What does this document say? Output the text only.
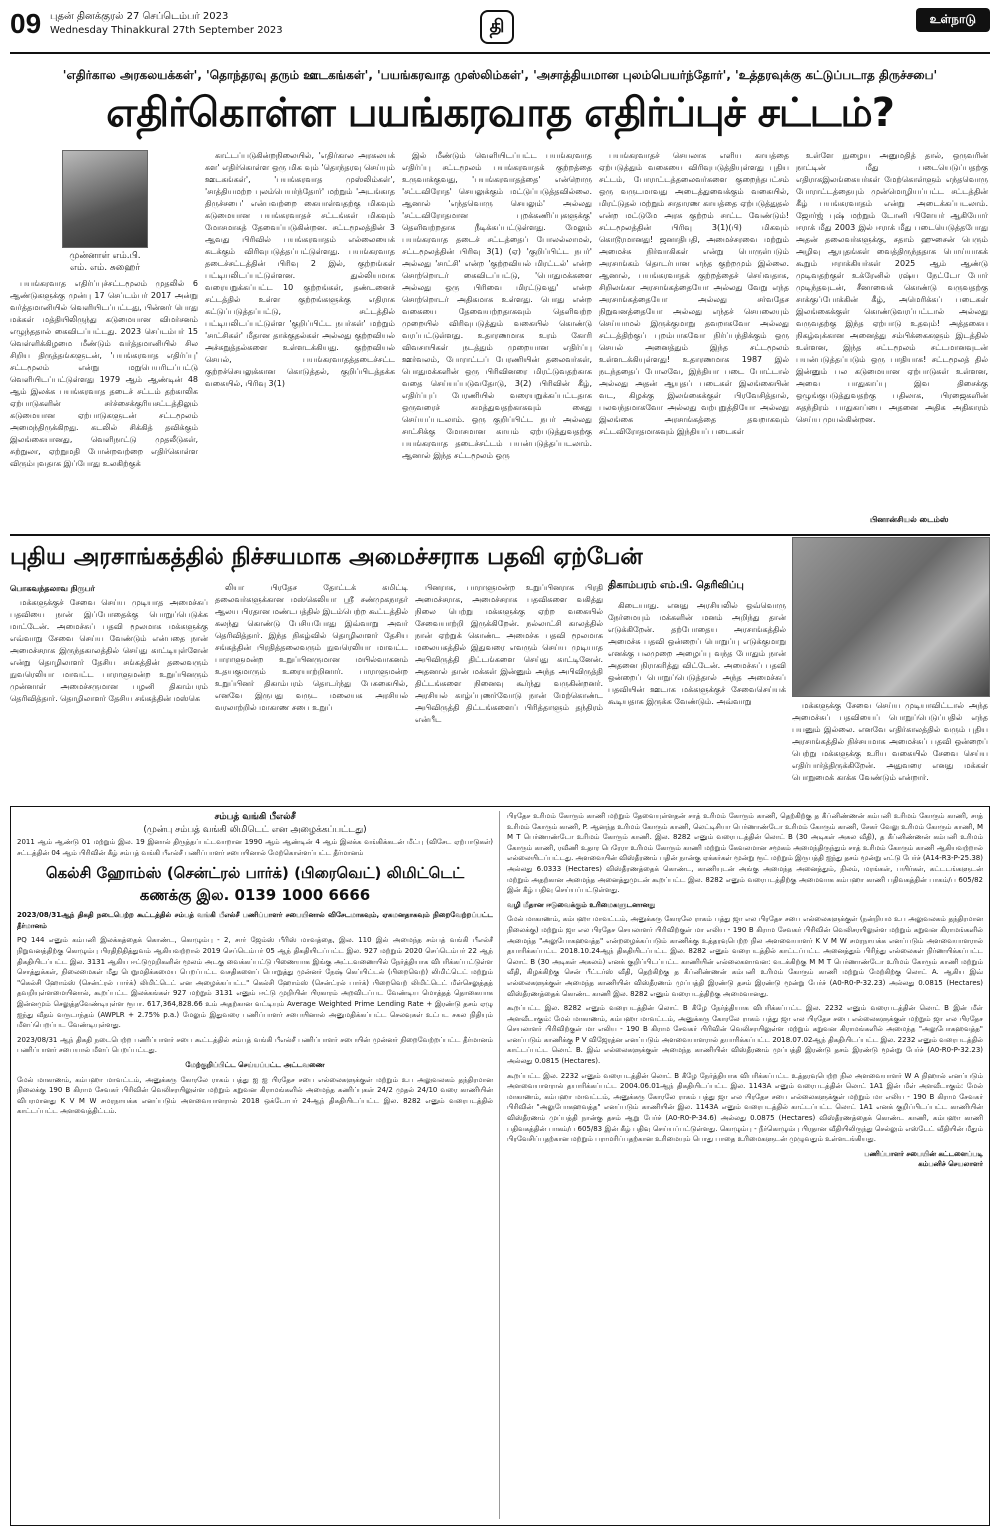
09 புதன் தினக்குரல் 27 செப்டெம்பர் 2023
Wednesday Thinakkural 27th September 2023	தி	உள்நாடு
'எதிர்கால அரகலயக்கள்', 'தொந்தரவு தரும் ஊடகங்கள்', 'பயங்கரவாத முஸ்லிம்கள்', 'அசாத்தியமான புலம்பெயர்ந்தோர்', 'உத்தரவுக்கு கட்டுப்படாத திருச்சபை'
எதிர்கொள்ள பயங்கரவாத எதிர்ப்புச் சட்டம்?
முன்னாள் எம்.பி.
எம். எம். சுஹைர்

பயங்கரவாத எதிர்ப்புச்சட்டமூலம் முதலில் 6 ஆண்டுகளுக்கு முன்பு 17 செப்டம்பர் 2017 அன்று வர்த்தமானியில் வெளியிடப்பட்டது, பின்னர் பொது மக்கள் மத்தியிலிருந்து கடுமையான விமர்சனம் எழுந்ததால் கைவிடப்பட்டது. 2023 செப்டம்பர் 15 வெள்ளிக்கிழமை மீண்டும் வர்த்தமானியில் சில சிறிய திருத்தங்களுடன், 'பயங்கரவாத எதிர்ப்பு' சட்டமூலம் என்று மறுபெயரிடப்பட்டு வெளியிடப்பட்டுள்ளது 1979 ஆம் ஆண்டின் 48 ஆம் இலக்க பயங்கரவாத தடைச் சட்டம் தற்காலிக ஏற்பாடுகளின் சர்ச்சைக்குரியசட்டத்திலும் கடுமையான ஏற்பாடுகளுடன் சட்டமூலம் அமைந்திருக்கிறது. கடலில் சிக்கித் தவிக்கும் இலங்கையானது, வெளிநாட்டு முதலீடுகள், சுற்றுலா, ஏற்றுமதி போன்றவற்றை எதிர்கொள்ள விரும்புவதாக இப்போது உலகிற்குக்

காட்டப்படுகின்றநிலையில், 'எதிர்கால அரகலயக் கள' எதிர்கொள்ள ஒரு மிக வும் 'தொந்தரவு செய்யும் ஊடகங்கள்', 'பயங்கரவாத முஸ்லிம்கள்', 'சாத்தியமற்ற புலம்பெயர்ந்தோர்' மற்றும் 'அடங்காத திருச்சபை' என்பவற்றை கையாள்வதற்கு மிகவும் கடுமையான பயங்கரவாதச் சட்டங்கள் மிகவும் மோசமாகத் தேவைப்படுகின்றன. சட்டமூலத்தின் 3 ஆவது பிரிவில் பயங்கரவாதம் எல்லையைக் கடக்கும் விரிவுபடுத்தப்பட்டுள்ளது. பயங்கரவாத தடைச்சட்டத்தின் பிரிவு 2 இல், குற்றங்கள் பட்டியலிடப்பட்டுள்ளன. துல்லியமாக வரையறுக்கப்பட்ட 10 குற்றங்கள், தண்டனைச் சட்டத்தில் உள்ள குற்றங்களுக்கு எதிராக கட்டுப்படுத்தப்பட்டு, சட்டத்தில் பட்டியலிடப்பட்டுள்ள 'குறிப்பிட்ட நபர்கள்' மற்றும் 'சாட்சிகள்' மீதான தாக்குதல்கள் அல்லது குற்றவியல் அச்சுறுத்தல்களை உள்ளடக்கியது. குற்றவியல் செயல், பயங்கரவாதத்தடைச்சட்ட குற்றச்செயலுக்கான கொடுத்தல், குறிப்பிடத்தக்க வகையில், பிரிவு 3(1)

இல் மீண்டும் வெளியிடப்பட்ட பயங்கரவாத எதிர்ப்பு சட்டமூலம் பயங்கரவாதக் குற்றத்தை உருவாக்குவது, 'பயங்கரவாதத்தை' என்றொரு 'சட்டவிரோத' செயலுக்கும் மட்டுப்படுத்தவில்லை. ஆனால் 'எந்தவொரு செயலும்' அல்லது 'சட்டவிரோதமான புறக்கணிப்புகளுக்கு' தெளிவற்றதாக நீடிக்கப்பட்டுள்ளது. மேலும் பயங்கரவாத தடைச் சட்டத்தைப் போலல்லாமல், சட்டமூலத்தின் பிரிவு 3(1) (ஏ) 'குறிப்பிட்ட நபர்' அல்லது 'சாட்சி' என்ற 'குற்றவியல் மிரட்டல்' என்ற சொற்றொடர் கைவிடப்பட்டு, 'பொதுமக்களை அல்லது ஒரு பிரிவை மிரட்டுவது' என்ற சொற்றொடர் அதிகமாக உள்ளது. பொது என்ற வகையை தேவையற்றதாகவும் தெளிவற்ற முறையில் விரிவுபடுத்தும் வகையில் கொண்டு வரப்பட்டுள்ளது. உதாரணமாக உரம் கோரி விவசாயிகள் நடத்தும் முறையான எதிர்ப்பு ஊர்வலம், போராட்டப் பேரணியின் தலைவர்கள், பொதுமக்களின் ஒரு பிரிவினரை மிரட்டுவதற்காக வதை செய்யப்படுவதோடு, 3(2) பிரிவின் கீழ், எதிர்ப்புப் பேரணியில் வரையறுக்கப்பட்டதாக ஒருவரைச் சுமத்துவதற்காகவும் கைது செய்யப்படலாம். ஒரு குறிப்பிட்ட நபர் அல்லது சாட்சிக்கு மோசமான காயம் ஏற்படுத்துவதற்கு பயங்கரவாத தடைச்சட்டம் பயன்படுத்தப்படலாம். ஆனால் இந்த சட்டமூலம் ஒரு

பயங்கரவாதச் செயலாக எளிய காயத்தை ஏற்படுத்தும் வகையை விரிவுபடுத்தியுள்ளது புதிய சட்டம், போராட்டத்தலைவர்களை குறைந்தபட்சம் ஒரு வருடமாவது அடைத்துவைக்கும் வகையில், மிரட்டுதல் மற்றும் சாதாரண காயத்தை ஏற்படுத்துதல் என்ற மட்டுமே அரசு குற்றம் சாட்ட வேண்டும்! சட்டமூலத்தின் பிரிவு 3(1)(பி) மிகவும் கொடூரமானது! ஜனாதிபதி, அமைச்சரவை மற்றும் அமைச்சு நிர்வாகிகள் என்று பொருள்படும் அரசாங்கம் தொடர்பான எந்த குற்றமும் இல்லை. ஆனால், பயங்கரவாதக் குற்றத்தைச் செய்வதாக, சிறிலங்கா அரசாங்கத்தையோ அல்லது வேறு எந்த அரசாங்கத்தையோ அல்லது சர்வதேச நிறுவனத்தையோ அல்லது எந்தச் செயலையும் செய்யாமல் இருக்குமாறு தவறாகவோ அல்லது சட்டத்திற்குப் புறம்பாகவோ நிர்ப்பந்திக்கும் ஒரு செயல் அனைத்தும் இந்த சட்டமூலம் உள்ளடக்கியுள்ளது! உதாரணமாக 1987 இல் நடந்ததைப் போலவே, இந்தியா படை போட்டால் அல்லது அதன் ஆயுதப் படைகள் இலங்கையின் வட, கிழக்கு இலங்கைக்குள் பிரவேசித்தால், பலவந்தமாகவோ அல்லது வற்புறுத்தியோ அல்லது இலங்கை அரசாங்கத்தை தவறாகவும் சட்டவிரோதமாகவும் இந்தியப் படைகள்

உள்ளே நுழைய அனுமதித் தால், ஒருவரின் நாட்டின் மீது படையெடுப்பதற்கு எதிராகஇலங்கையர்கள் மேற்கொள்ளும் எந்தவொரு போராட்டத்தையும் முன்மொழியப்பட்ட சட்டத்தின் கீழ் பயங்கரவாதம் என்று அடைக்கப்படலாம். ஜோர்ஜ் புஷ் மற்றும் டோனி பிளேயர் ஆகியோர் ஈராக் மீது 2003 இல் ஈராக் மீது படையெடுத்தபோது அதன் தலைவர்களுக்கு, சதாம் ஹுசைன் பெரும் அழிவு ஆயுதங்கள் வைத்திருந்ததாக பொய்யாகக் கூறும் ஈராக்கியர்கள் 2025 ஆம் ஆண்டு முடிவதற்குள் உக்ரேனில் ரஷ்ய நேட்டோ போர் முடிந்தவுடன், சீனாவைக் கொண்டு வருவதற்கு சாக்குப்போக்கின் கீழ், அமெரிக்கப் படைகள் இலங்கைக்குள் கொண்டுவரப்பட்டால் அல்லது வருவதற்கு இந்த ஏற்பாடு உதவும்! அத்தகைய நிகழ்வுக்கான அனைத்து சம்பிக்கைகளும் இடத்தில் உள்ளன, இந்த சட்டமூலம் சட்டமானவுடன் பயன்படுத்தப்படும் ஒரு பாதியாக! சட்டமூலத் தில் இன்னும் பல கடுமையான ஏற்பாடுகள் உள்ளன, அவை பாதுகாப்பு இவ திசைக்கு ஒழுங்குபடுத்துவதற்கு பதிலாக, பிரஜைகளின் சுதந்திரம் பாதுகாப்பை அதனை அதிக அதிகாரம் செய்ய முயல்கின்றன.

பினான்சியல் டைம்ஸ்
புதிய அரசாங்கத்தில் நிச்சயமாக அமைச்சராக பதவி ஏற்பேன்
திகாம்பரம் எம்.பி. தெரிவிப்பு
பொகவந்தலாவ நிருபர்

மக்களுக்குச் சேவை செய்ய முடியாத அமைச்சுப் பதவியை நான் இப்போதைக்கு பொறுப்பெடுக்க மாட்டேன். அமைச்சுப் பதவி மூலமாக மக்களுக்கு எவ்வாறு சேவை செய்ய வேண்டும் என்பதை நான் அமைச்சராக இருந்தகாலத்தில் செய்து காட்டியுள்ளேன் என்று தொழிலாளர் தேசிய சங்கத்தின் தலைவரும் நுவரெலியா மாவட்ட பாராளுமன்ற உறுப்பினரும் முன்னாள் அமைச்சருமான பழனி திகாம்பரம் தெரிவித்தார். தொழிலாளர் தேசிய சங்கத்தின் மஸ்கெ

லியா பிரதேச தோட்டக் கமிட்டி தலைவர்களுக்கான மஸ்கெலியா ஸ்ரீ சண்முகநாதர் ஆலய பிரதான மண்டபத்தில் இடம்பெற்ற கூட்டத்தில் கலந்து கொண்டு பேசியபோது இவ்வாறு அவர் தெரிவித்தார். இந்த நிகழ்வில் தொழிலாளர் தேசிய சங்கத்தின் பிரதித்தலைவரும் நுவரெலியா மாவட்ட பாராளுமன்ற உறுப்பினருமான மயில்வாகனம் உதயகுமாரும் உரையாற்றினார். பாராளுமன்ற உறுப்பினர் திகாம்பரம் தொடர்ந்து பேசுகையில், எனவே இருபது வருட மலையக அரசியல் வரலாற்றில் மாகாண சபை உறுப்

பினராக, பாராளுமன்ற உறுப்பினராக பிரதி அமைச்சராக, அமைச்சராக பதவிகளை வகித்து நிலை பெற்று மக்களுக்கு ஏற்ற வகையில் சேவையாற்றி இருக்கிறேன். நல்லாட்சி காலத்தில் நான் ஏற்றுக் கொண்ட அமைச்சு பதவி மூலமாக மலையகத்தில் இதுவரை எவரும் செய்ய முடியாத அபிவிருத்தி திட்டங்களை செய்து காட்டினேன். அதனால் தான் மக்கள் இன்னும் அந்த அபிவிருத்தி திட்டங்களை நினைவு கூர்ந்து வருகின்றனர். அரசியல் காழ்ப்புணர்வோடு நான் மேற்கொண்ட அபிவிருத்தி திட்டங்களைப் பிரித்தாளும் தந்திரம் என்பீட

கிடையாது. எனது அரசியலில் ஒவ்வொரு நேர்மையும் மக்களின் மனம் அறிந்து தான் எடுக்கிறேன். தற்போதைய அரசாங்கத்தில் அமைச்சு பதவி ஒன்றைப் பொறுப்பு எடுக்குமாறு எனக்கு பலமுறை அழைப்பு வந்த போதும் நான் அதனை நிராகரித்து விட்டேன். அமைச்சுப் பதவி ஒன்றைப் பொறுப்பெடுத்தால் அந்த அமைச்சுப் பதவியின் ஊடாக மக்களுக்குச் சேவைசெய்யக் கூடியதாக இருக்க வேண்டும். அவ்வாறு	மக்களுக்கு சேவை செய்ய முடியாவிட்டால் அந்த அமைச்சுப் பதவியைப் பொறுப்பெடுப்பதில் எந்த பயனும் இல்லை. எனவே எதிர்காலத்தில் வரும் புதிய அரசாங்கத்தில் நிச்சயமாக அமைச்சுப் பதவி ஒன்றைப் பெற்று மக்களுக்கு உரிய வகையில் சேவை செய்ய எதிர்பார்த்திருக்கிறேன். அதுவரை எனது மக்கள் பொறுமைக் காக்க வேண்டும் என்றார்.

சம்பத் வங்கி பீஎல்சீ
(முன்பு சம்பத் வங்கி லிமிடெட் என அழைக்கப்பட்டது)

2011 ஆம் ஆண்டு 01 மற்றும் இல. 19 இனால் திருத்தப்பட்டவாறான 1990 ஆம் ஆண்டின் 4 ஆம் இலக்க வங்கிக்கடன் மீட்பு (விசேட ஏற்பாடுகள்) சட்டத்தின் 04 ஆம் பிரிவின் கீழ் சம்பத் வங்கி பீஎல்சீ பணிப்பாளர் சபையினால் மேற்கொள்ளப்பட்ட தீர்மானம்

கெல்சி ஹோம்ஸ் (சென்ட்ரல் பார்க்) (பிரைவெட்) லிமிட்டெட்
கணக்கு இல. 0139 1000 6666

2023/08/31ஆந் திகதி நடைபெற்ற கூட்டத்தில் சம்பத் வங்கி பீஎல்சீ பணிப்பாளர் சபையினால் விசேடமாகவும், ஏகமனதாகவும் நிறைவேற்றப்பட்ட தீர்மானம்

PQ 144 எனும் கம்பனி இலக்கத்தைக் கொண்ட, கொழும்பு - 2, சார் ஜேம்ஸ் பீரிஸ் மாவத்தை, இல. 110 இல் அமைந்த சம்பத் வங்கி பீஎல்சீ நிறுவனத்திற்கு கொழும்பு பிரதிநிதித்துவம் ஆகியவற்றால் 2019 செப்டெம்பர் 05 ஆந் திகதியிடப்பட்ட இல. 927 மற்றும் 2020 செப்டெம்பர் 22 ஆந் திகதியிடப்பட்ட இல. 3131 ஆகிய ஈட்டுமுறிகளின் மூலம் அடகு வைக்கப்பட்டு பிணையாக இங்கு அட்டவணையில் நேர்த்தியாக விபரிக்கப்பட்டுள்ள சொத்துக்கள், நிலைமைகள் மீது பெறுமதிக்கமைய பெறப்பட்ட வசதிகளைப் பொறுத்து முன்னர் நேஷ் கெப்பிட்டல் (பிறைவெற்) லிமிட்டெட் மற்றும் "கெல்சி ஹோம்ஸ் (சென்ட்ரல் பார்க்) லிமிட்டெட் என அழைக்கப்பட்ட" கெல்சி ஹோம்ஸ் (சென்ட்ரல் பார்க்) பிறைவெற் லிமிட்டெட் மீள்செலுத்தத் தவறியுள்ளமையினால், கூறப்பட்ட இலக்கங்கள் 927 மற்றும் 3131 எனும் ஈட்டு முறியின் பிரகாரம் அறவிடப்பட வேண்டிய மொத்தத் தொகையாக இன்னமும் செலுத்தவேண்டியுள்ள ரூபா. 617,364,828.66 உம் அதற்கான வட்டியும் Average Weighted Prime Lending Rate + இரண்டு தசம் ஏழு ஐந்து வீதம் வருடாந்தம் (AWPLR + 2.75% p.a.) மேலும் இதுவரை பணிப்பாளர் சபையினால் அனுமதிக்கப்பட்ட செலவுகள் உட்பட சகல நிதியும் மீளப்பெறப்பட வேண்டியுள்ளது.

2023/08/31 ஆந் திகதி நடைபெற்ற பணிப்பாளர் சபை கூட்டத்தில் சம்பத் வங்கி பீஎல்சீ பணிப்பாளர் சபையின் முன்னர் நிறைவேற்றப்பட்ட தீர்மானம் பணிப்பாளர் சபையால் மீளப் பெறப்பட்டது.

மேற்குறிப்பிட்ட செய்யப்பட்ட அட்டவணை

மேல் மாகாணம், கம்பஹா மாவட்டம், அனுக்கரு கோரலே ராகம் பத்து ஐ ஐ பிரதேச சபை எல்லைகளுக்குள் மற்றும் உப அலுவலகம் தந்திரமான நிலைக்கு 190 B கிராம சேவகர் பிரிவின் வெலிசரயிலுள்ள மற்றும் கறுவன கிராமங்களில் அமைந்த கணிப்புகள் 24/2 முதல் 24/10 வரை காணியின் விபரமானது K V M W சமரநாயக்க எனப்படும் அளவையாளரால் 2018 ஒக்டோபர் 24ஆந் திகதியிடப்பட்ட இல. 8282 எனும் வரைபடத்தில் காட்டப்பட்ட அளவைத்திட்டம்.

பிரதேச உரிமம் கோரும் காணி மற்றும் தேவையுள்ளதன் சாத் உரிமம் கோரும் காணி, தெற்கிற்கு த கீப்னிண்ணன் கம்பனி உரிமம் கோரும் காணி, சாத் உரிமம் கோரும் காணி, P. ஆனந்த உரிமம் கோரும் காணி, லெட்டிசியா பெர்ணாண்டோ உரிமம் கோரும் காணி, சேகர் வேலு உரிமம் கோரும் காணி, M M T பெர்ணாண்டோ உரிமம் கோரும் காணி. இல. 8282 எனும் வரைபடத்தின் லொட் B (30 அடிகள் அகல வீதி), த கீப்னிண்ணன் கம்பனி உரிமம் கோரும் காணி, ரவீணி உதார பெரேரா உரிமம் கோரும் காணி மற்றும் கேவலமான சமூகம் அமைந்திருந்தும் சாத் உரிமம் கோரும் காணி ஆகியவற்றால் எல்லையிடப்பட்டது. அளவையின் விஸ்தீரணம் பதின் நான்கு ஏக்கர்கள் மூன்று ரூட் மற்றும் இருபத்தி ஐந்து தசம் மூன்று எட்டு பேர்ச் (A14-R3-P-25.38) அல்லது 6.0333 (Hectares) விஸ்தீரணத்தைக் கொண்ட, காணியுடன் அங்கு அமைந்த அனைத்தும், நிலம், மரங்கள், பயிர்கள், கட்டடங்களுடன் மற்றும் அதற்கான அமைந்த அனைத்துமுடன் கூறப்பட்ட இல. 8282 எனும் வரைபடத்திற்கு அமைவாக கம்பஹா காணி பதிவகத்தின் பாகம்/ப 605/82 இன் கீழ் பதிவு செய்யப்பட்டுள்ளது.

வழி மீதான ஈடுவைக்கும் உரிமைகளுடனானது

மேல் மாகாணம், கம்பஹா மாவட்டம், அனுக்கரு கோரலே ராகம் பத்து ஜா எல பிரதேச சபை எல்லைகளுக்குள் (நன்றியம உப அலுவலகம் தந்திரமான நிலைக்கு) மற்றும் ஜா எல பிரதேச செயலாளர் பிரிவிற்குள் மா எலிய - 190 B கிராம சேவகர் பிரிவின் வெலிசரயிலுள்ள மற்றும் கறுவன கிராமங்களில் அமைந்த "அலுபோகஹவத்த" என்றழைக்கப்படும் காணிக்கு உத்தரவுபெற்ற நில அளவையாளர் K V M W சமரநாயக்க எனப்படும் அளவையாளரால் தயாரிக்கப்பட்ட 2018.10.24ஆந் திகதியிடப்பட்ட இல. 8282 எனும் வரைபடத்தில் காட்டப்பட்ட அனைத்தும் பிரிந்து எல்லைகள் நிர்ணயிக்கப்பட்ட லொட் B (30 அடிகள் அகலம்) எனக் குறிப்பிடப்பட்ட காணியின் எல்லைகளாவன: வடக்கிற்கு M M T பெர்ணாண்டோ உரிமம் கோரும் காணி மற்றும் வீதி, கிழக்கிற்கு சென் பீட்டர்ஸ் வீதி, தெற்கிற்கு த கீப்னிண்ணன் கம்பனி உரிமம் கோரும் காணி மற்றும் மேற்கிற்கு லொட் A. ஆகிய இவ் எல்லைகளுக்குள் அமைந்த காணியின் விஸ்தீரணம் முப்பத்தி இரண்டு தசம் இரண்டு மூன்று பேர்ச் (A0-R0-P-32.23) அல்லது 0.0815 (Hectares) விஸ்தீரணத்தைக் கொண்ட காணி இல. 8282 எனும் வரைபடத்திற்கு அமைவானது.

கூறப்பட்ட இல. 8282 எனும் வரைபடத்தின் லொட் B கீழே நேர்த்தியாக விபரிக்கப்பட்ட இல. 2232 எனும் வரைபடத்தின் லொட் B இன் மீள் அளவீடாகும்: மேல் மாகாணம், கம்பஹா மாவட்டம், அனுக்கரு கோரலே ராகம் பத்து ஜா எல பிரதேச சபை எல்லைகளுக்குள் மற்றும் ஜா எல பிரதேச செயலாளர் பிரிவிற்குள் மா எலிய - 190 B கிராம சேவகர் பிரிவின் வெலிசரயிலுள்ள மற்றும் கறுவன கிராமங்களில் அமைந்த "அலுபோகஹவத்த" எனப்படும் காணிக்கு P V விஜேரத்ன எனப்படும் அளவையாளரால் தயாரிக்கப்பட்ட 2018.07.02ஆந் திகதியிடப்பட்ட இல. 2232 எனும் வரைபடத்தில் காட்டப்பட்ட லொட் B. இவ் எல்லைகளுக்குள் அமைந்த காணியின் விஸ்தீரணம் முப்பத்தி இரண்டு தசம் இரண்டு மூன்று பேர்ச் (A0-R0-P-32.23) அல்லது 0.0815 (Hectares).

கூறப்பட்ட இல. 2232 எனும் வரைபடத்தின் லொட் B கீழே நேர்த்தியாக விபரிக்கப்பட்ட உத்தரவுபெற்ற நில அளவையாளர் W A நிஹால் எனப்படும் அளவையாளரால் தயாரிக்கப்பட்ட 2004.06.01ஆந் திகதியிடப்பட்ட இல. 1143A எனும் வரைபடத்தின் லொட் 1A1 இன் மீள் அளவீடாகும்: மேல் மாகாணம், கம்பஹா மாவட்டம், அனுக்கரு கோரலே ராகம் பத்து ஜா எல பிரதேச சபை எல்லைகளுக்குள் மற்றும் மா எலிய - 190 B கிராம சேவகர் பிரிவின் "அலுபோகஹவத்த" எனப்படும் காணியின் இல. 1143A எனும் வரைபடத்தில் காட்டப்பட்ட லொட் 1A1 எனக் குறிப்பிடப்பட்ட காணியின் விஸ்தீரணம் முப்பத்தி நான்கு தசம் ஆறு பேர்ச் (A0-R0-P-34.6) அல்லது 0.0875 (Hectares) விஸ்தீரணத்தைக் கொண்ட காணி, கம்பஹா காணி பதிவகத்தின் பாகம்/ப 605/83 இன் கீழ் பதிவு செய்யப்பட்டுள்ளது. கொழும்பு - நீர்கொழும்பு பிரதான வீதியிலிருந்து செல்லும் எஸ்டேட் வீதியின் மீதும் பிரவேசிப்பதற்கான மற்றும் பராமரிப்பதற்கான உரிமையும் பொது பாதை உரிமைகளுடன் முழுவதும் உள்ளடங்கியது.

பணிப்பாளர் சபையின் கட்டளைப்படி
கம்பனிச் செயலாளர்
